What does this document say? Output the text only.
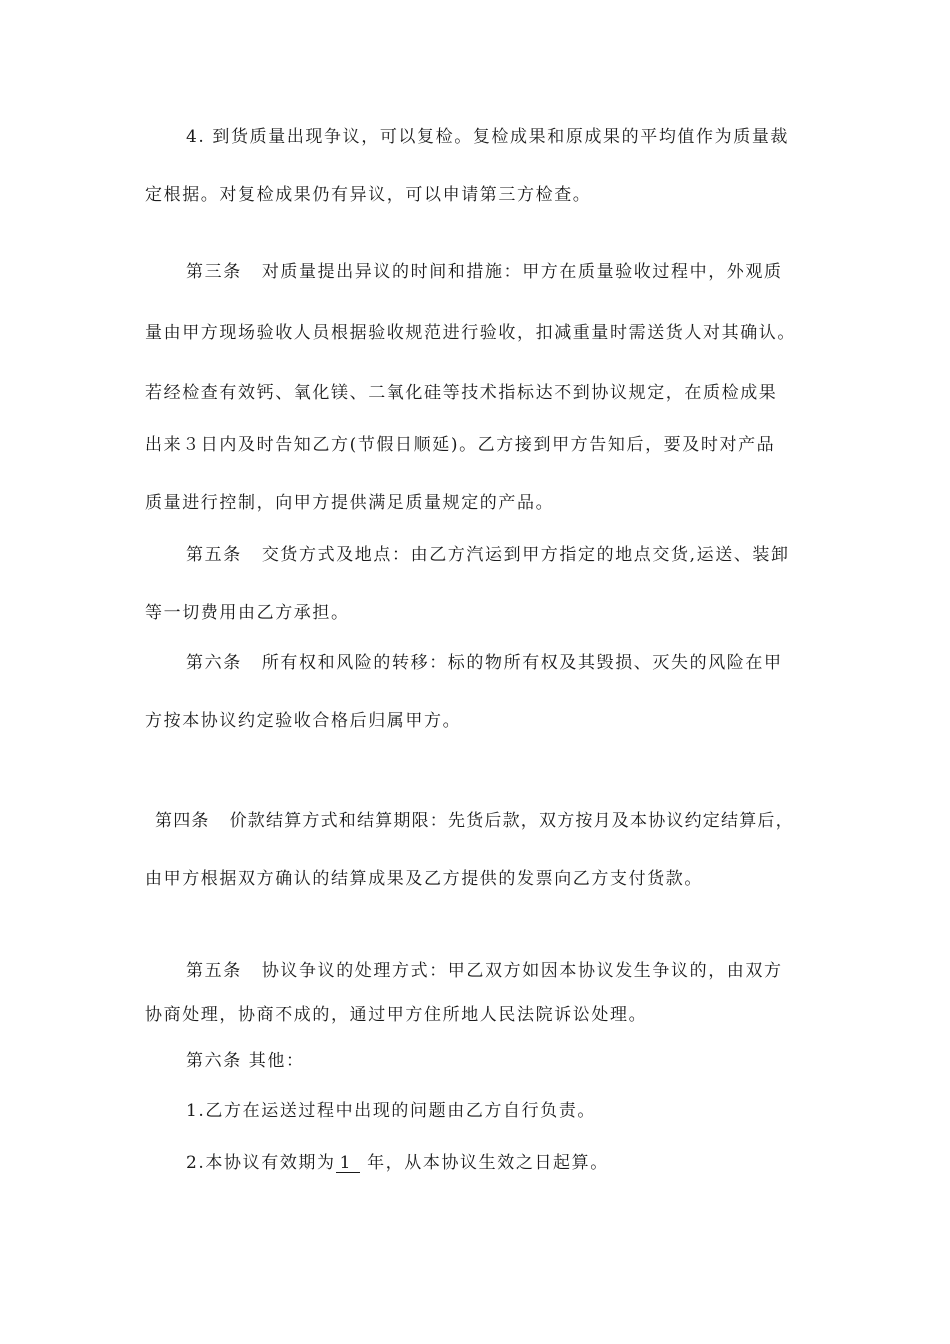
4. 到货质量出现争议，可以复检。复检成果和原成果的平均值作为质量裁
定根据。对复检成果仍有异议，可以申请第三方检查。
第三条 对质量提出异议的时间和措施：甲方在质量验收过程中，外观质
量由甲方现场验收人员根据验收规范进行验收，扣减重量时需送货人对其确认。
若经检查有效钙、氧化镁、二氧化硅等技术指标达不到协议规定，在质检成果
出来３日内及时告知乙方(节假日顺延)。乙方接到甲方告知后，要及时对产品
质量进行控制，向甲方提供满足质量规定的产品。
第五条 交货方式及地点：由乙方汽运到甲方指定的地点交货,运送、装卸
等一切费用由乙方承担。
第六条 所有权和风险的转移：标的物所有权及其毁损、灭失的风险在甲
方按本协议约定验收合格后归属甲方。
第四条 价款结算方式和结算期限：先货后款，双方按月及本协议约定结算后，
由甲方根据双方确认的结算成果及乙方提供的发票向乙方支付货款。
第五条 协议争议的处理方式：甲乙双方如因本协议发生争议的，由双方
协商处理，协商不成的，通过甲方住所地人民法院诉讼处理。
第六条 其他：
1.乙方在运送过程中出现的问题由乙方自行负责。
2.本协议有效期为 1 年，从本协议生效之日起算。
